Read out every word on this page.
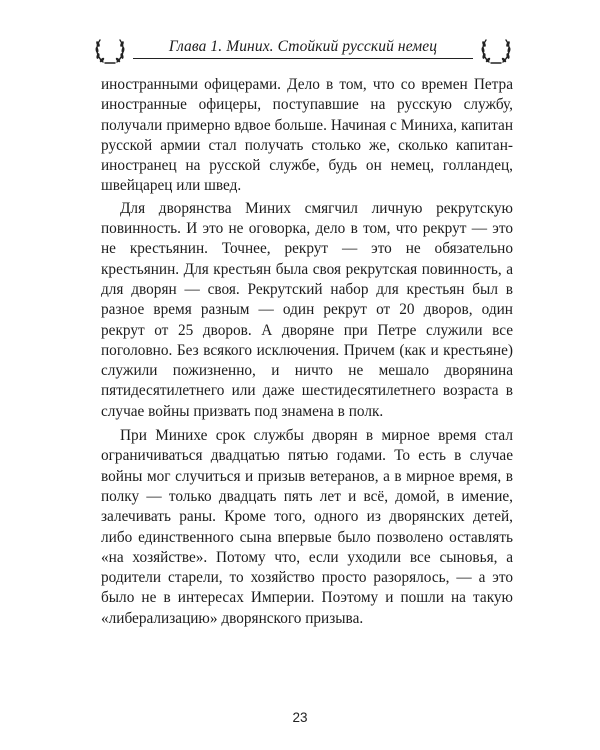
Глава 1. Миних. Стойкий русский немец

иностранными офицерами. Дело в том, что со времен Петра иностранные офицеры, поступавшие на русскую службу, получали примерно вдвое больше. Начиная с Миниха, капитан русской армии стал получать столько же, сколько капитан-иностранец на русской службе, будь он немец, голландец, швейцарец или швед.

Для дворянства Миних смягчил личную рекрутскую повинность. И это не оговорка, дело в том, что рекрут — это не крестьянин. Точнее, рекрут — это не обязательно крестьянин. Для крестьян была своя рекрутская повинность, а для дворян — своя. Рекрутский набор для крестьян был в разное время разным — один рекрут от 20 дворов, один рекрут от 25 дворов. А дворяне при Петре служили все поголовно. Без всякого исключения. Причем (как и крестьяне) служили пожизненно, и ничто не мешало дворянина пятидесятилетнего или даже шестидесятилетнего возраста в случае войны призвать под знамена в полк.

При Минихе срок службы дворян в мирное время стал ограничиваться двадцатью пятью годами. То есть в случае войны мог случиться и призыв ветеранов, а в мирное время, в полку — только двадцать пять лет и всё, домой, в имение, залечивать раны. Кроме того, одного из дворянских детей, либо единственного сына впервые было позволено оставлять «на хозяйстве». Потому что, если уходили все сыновья, а родители старели, то хозяйство просто разорялось, — а это было не в интересах Империи. Поэтому и пошли на такую «либерализацию» дворянского призыва.

23
